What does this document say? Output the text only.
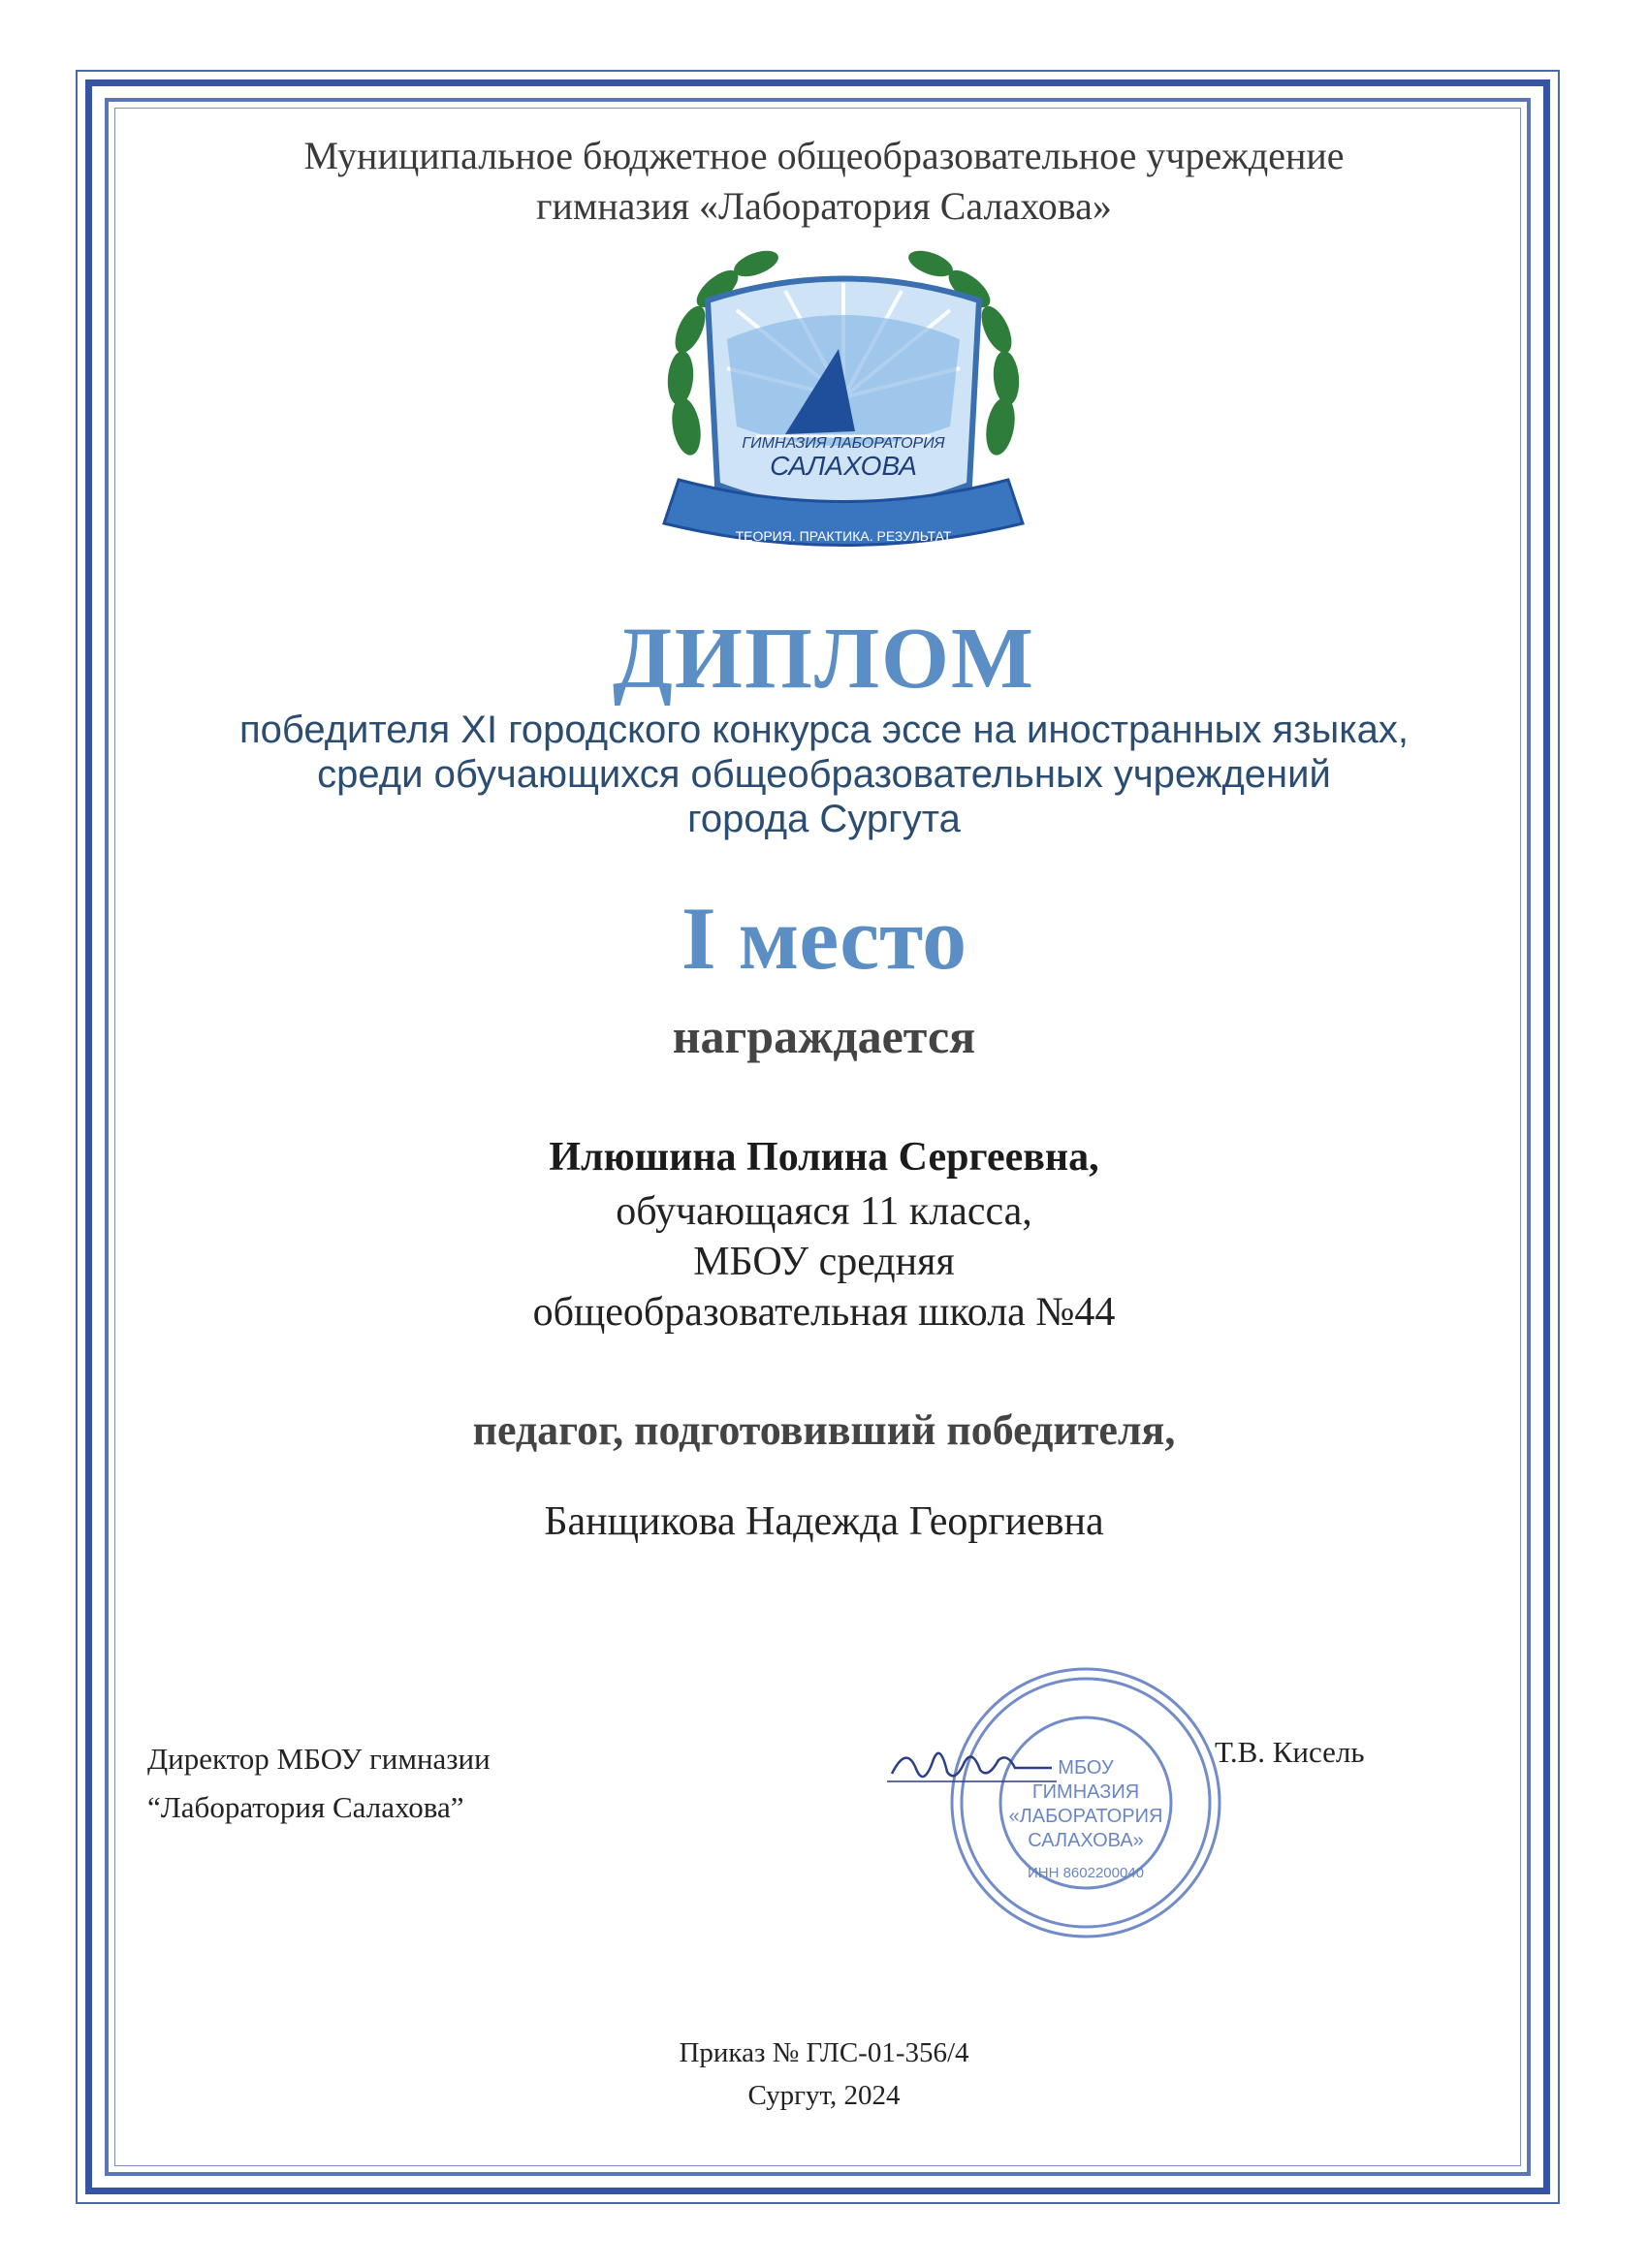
Муниципальное бюджетное общеобразовательное учреждение
гимназия «Лаборатория Салахова»
ГИМНАЗИЯ ЛАБОРАТОРИЯ
САЛАХОВА
ТЕОРИЯ. ПРАКТИКА. РЕЗУЛЬТАТ
ДИПЛОМ
победителя XI городского конкурса эссе на иностранных языках,
среди обучающихся общеобразовательных учреждений
города Сургута
I место
награждается
Илюшина Полина Сергеевна,
обучающаяся 11 класса,
МБОУ средняя
общеобразовательная школа №44
педагог, подготовивший победителя,
Банщикова Надежда Георгиевна
Директор МБОУ гимназии
“Лаборатория Салахова”
МБОУ
ГИМНАЗИЯ
«ЛАБОРАТОРИЯ
САЛАХОВА»
ИНН 8602200040
Т.В. Кисель
Приказ № ГЛС-01-356/4
Сургут, 2024
